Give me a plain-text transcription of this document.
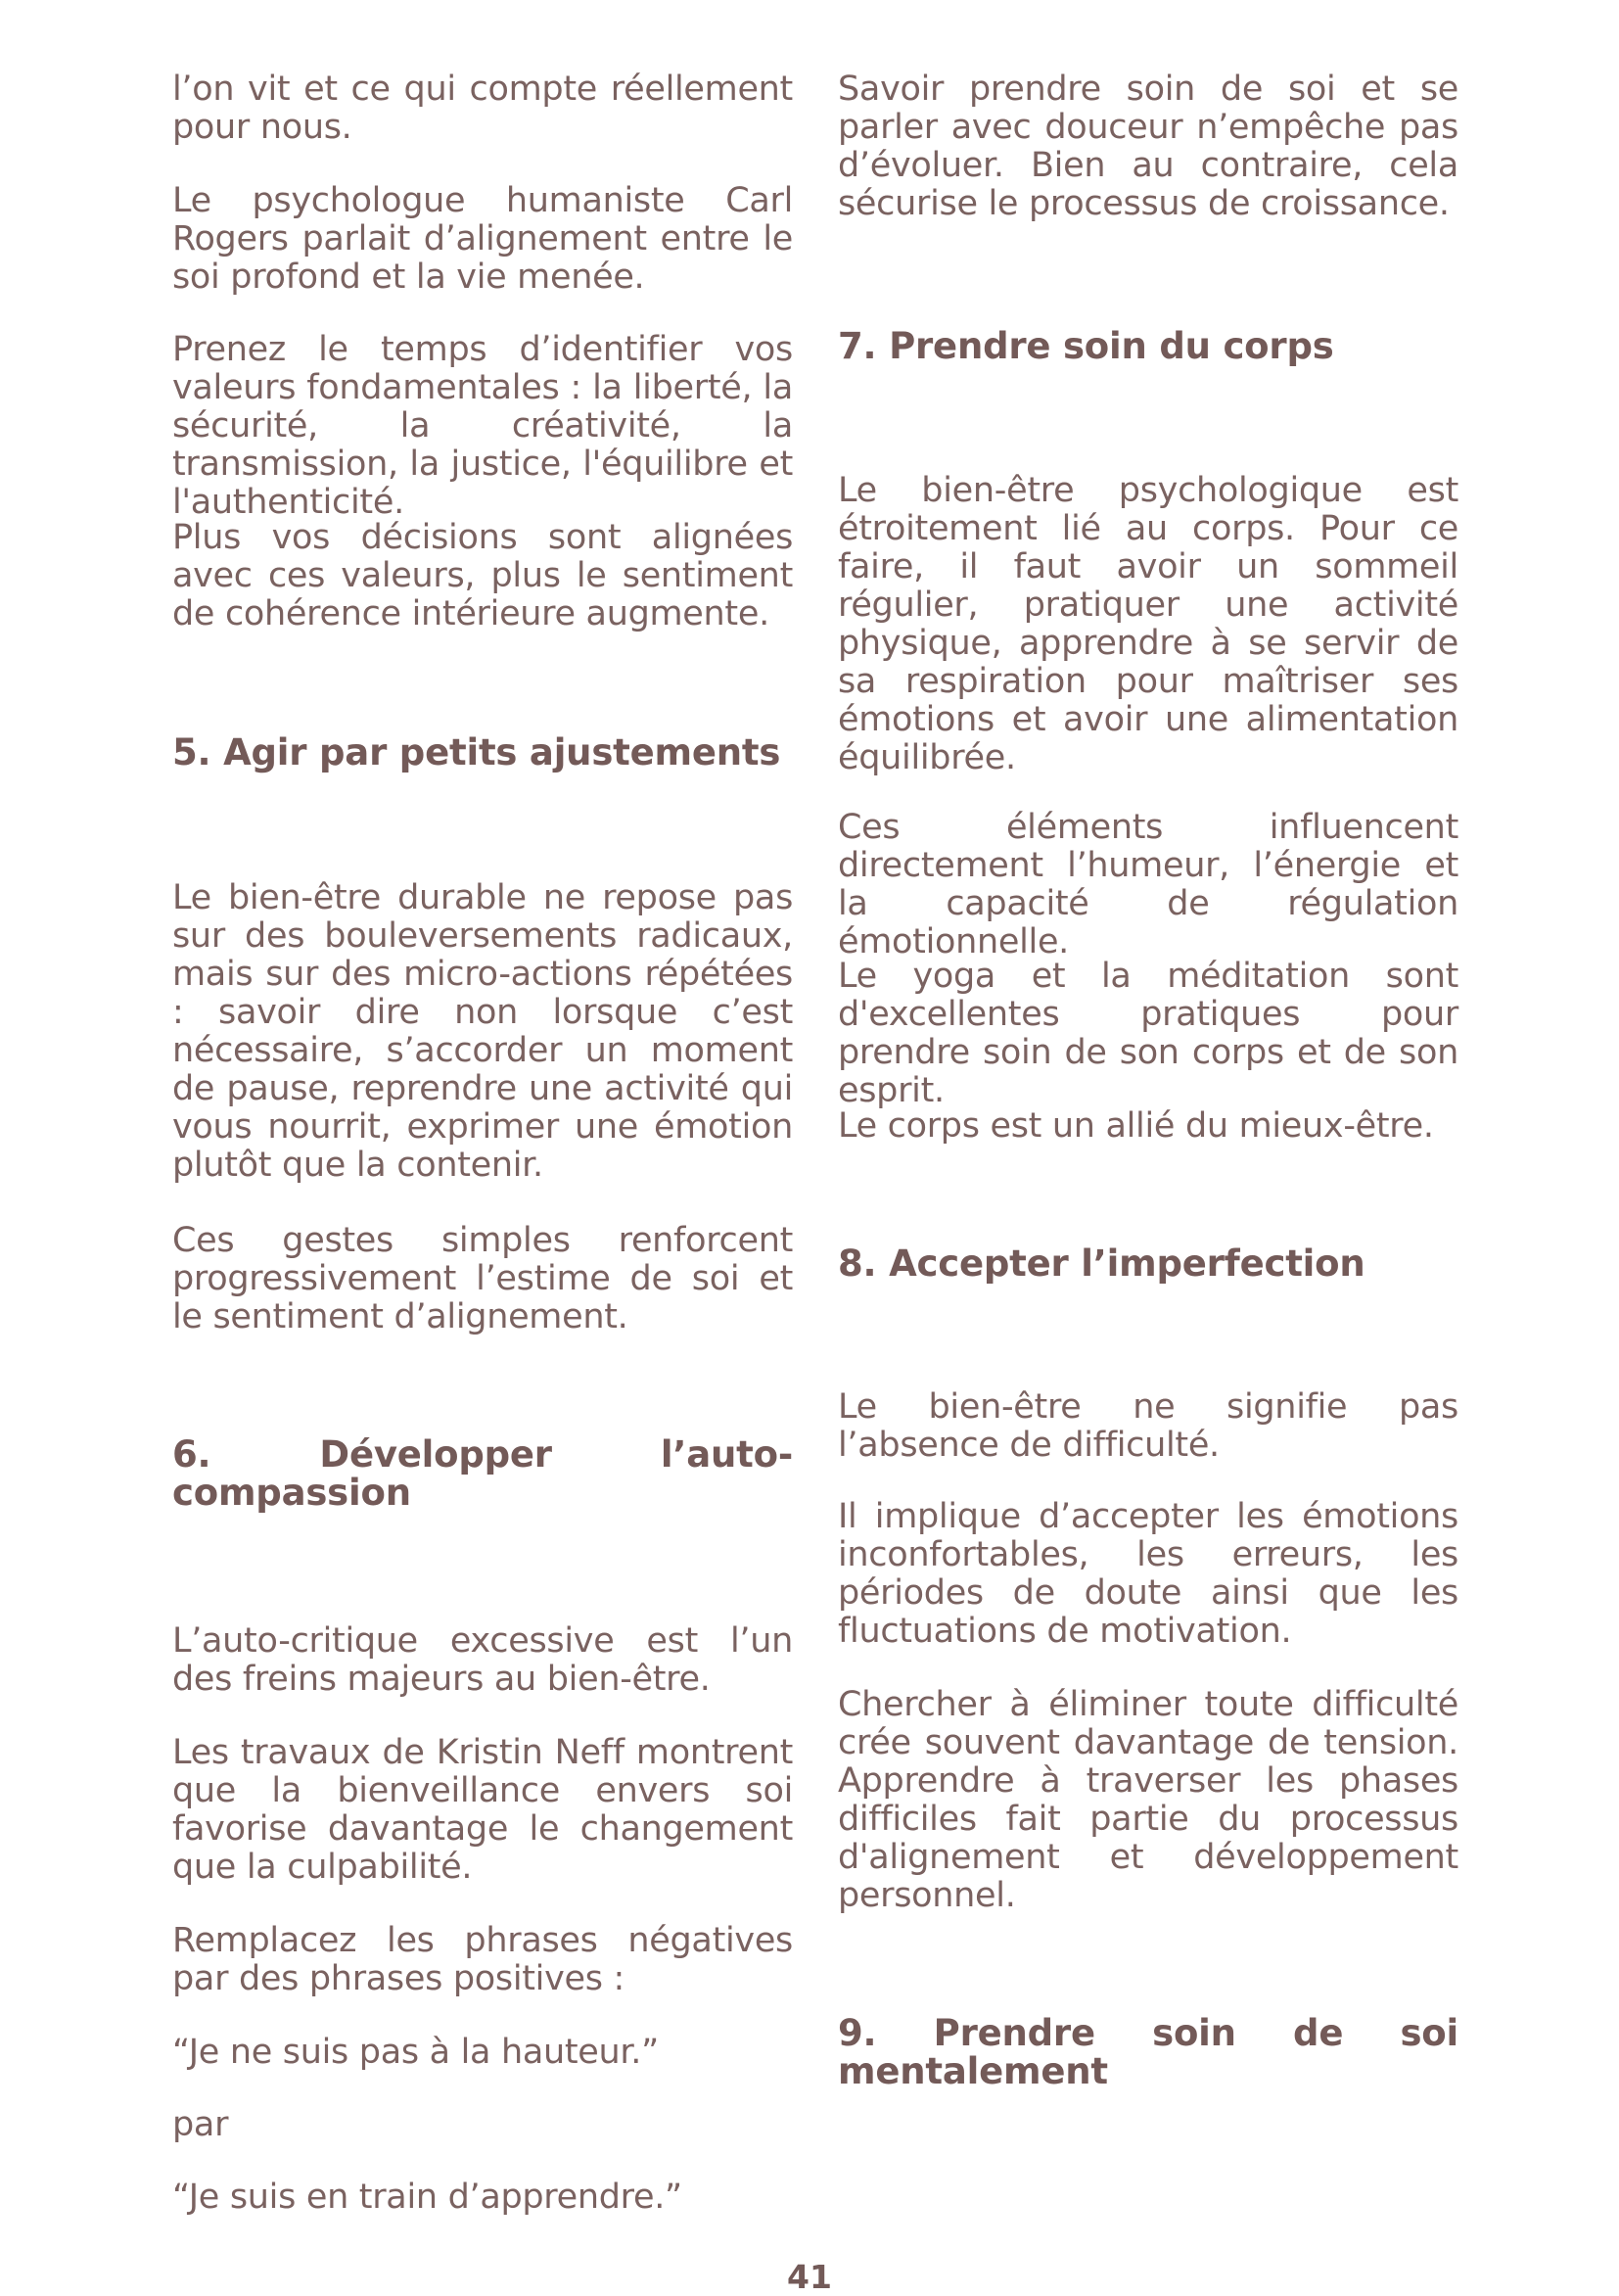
l’on vit et ce qui compte réellement pour nous.

Le psychologue humaniste Carl Rogers parlait d’alignement entre le soi profond et la vie menée.

Prenez le temps d’identifier vos valeurs fondamentales : la liberté, la sécurité, la créativité, la transmission, la justice, l'équilibre et l'authenticité.

Plus vos décisions sont alignées avec ces valeurs, plus le sentiment de cohérence intérieure augmente.

5. Agir par petits ajustements

Le bien-être durable ne repose pas sur des bouleversements radicaux, mais sur des micro-actions répétées : savoir dire non lorsque c’est nécessaire, s’accorder un moment de pause, reprendre une activité qui vous nourrit, exprimer une émotion plutôt que la contenir.

Ces gestes simples renforcent progressivement l’estime de soi et le sentiment d’alignement.

6. Développer l’auto-compassion

L’auto-critique excessive est l’un des freins majeurs au bien-être.

Les travaux de Kristin Neff montrent que la bienveillance envers soi favorise davantage le changement que la culpabilité.

Remplacez les phrases négatives par des phrases positives :

“Je ne suis pas à la hauteur.”

par

“Je suis en train d’apprendre.”

Savoir prendre soin de soi et se parler avec douceur n’empêche pas d’évoluer. Bien au contraire, cela sécurise le processus de croissance.

7. Prendre soin du corps

Le bien-être psychologique est étroitement lié au corps. Pour ce faire, il faut avoir un sommeil régulier, pratiquer une activité physique, apprendre à se servir de sa respiration pour maîtriser ses émotions et avoir une alimentation équilibrée.

Ces éléments influencent directement l’humeur, l’énergie et la capacité de régulation émotionnelle.

Le yoga et la méditation sont d'excellentes pratiques pour prendre soin de son corps et de son esprit.

Le corps est un allié du mieux-être.

8. Accepter l’imperfection

Le bien-être ne signifie pas l’absence de difficulté.

Il implique d’accepter les émotions inconfortables, les erreurs, les périodes de doute ainsi que les fluctuations de motivation.

Chercher à éliminer toute difficulté crée souvent davantage de tension. Apprendre à traverser les phases difficiles fait partie du processus d'alignement et développement personnel.

9. Prendre soin de soi mentalement

41
